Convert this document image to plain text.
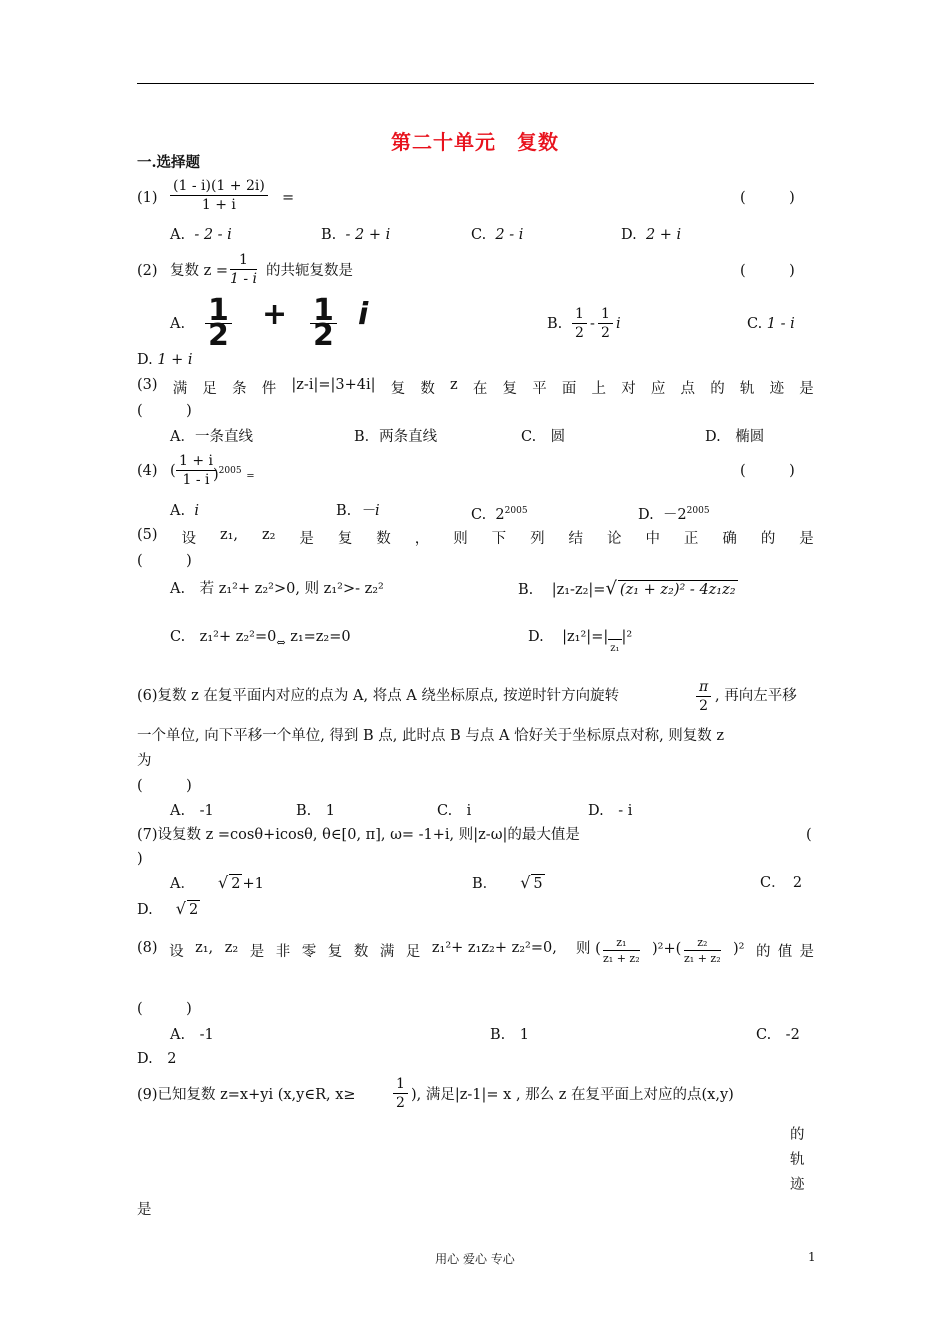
第二十单元　复数
一.选择题
$(1) \frac{(1 - i)(1 + 2i)}{1 + i}$ =	(　　　)
A. - 2 - i	B. - 2 + i	C. 2 - i	D. 2 + i
(2) 复数 $z = \frac{1}{1 - i}$ 的共轭复数是	(　　　)
A. $\frac{1}{2} + \frac{1}{2}$ i	B. $\frac{1}{2} - \frac{1}{2}$ i	C. 1 - i
D. 1 + i
(3) 满 足 条 件 |z-i|=|3+4i| 复 数 z 在 复 平 面 上 对 应 点 的 轨 迹 是
(　　　)
A．一条直线	B．两条直线	C.　圆	D.　椭圆
(4) ( $\frac{1 + i}{1 - i}$
)$^{2005}$ =	(　　　)
A. i	B. －i	C. $2^{2005}$	D. $-2^{2005}$
(5) 设 z₁, z₂ 是 复 数 ， 则 下 列 结 论 中 正 确 的 是
(　　　)
A.　若 z₁²+ z₂²>0, 则 z₁²>- z₂²	B. |z₁-z₂|=√ (z₁ + z₂)² - 4z₁z₂
C.　$z_1^2+ z_2^2=0_\Leftrightarrow$ z₁=z₂=0	D. |z₁²|=|z₁|²
(6)复数 z 在复平面内对应的点为 A, 将点 A 绕坐标原点, 按逆时针方向旋转	$\frac{\pi}{2}$ , 再向左平移
一个单位, 向下平移一个单位, 得到 B 点, 此时点 B 与点 A 恰好关于坐标原点对称, 则复数 z
为
(　　　)
A.　-1	B.　1	C.　i	D.　- i
(7)设复数 z =cosθ+icosθ, θ∈[0, π], ω= -1+i, 则|z-ω|的最大值是	(
)
A． √ 2 +1	B． √ 5	C．　2
D. √ 2
(8) 设 z₁, z₂ 是 非 零 复 数 满 足 z₁²+ z₁z₂+ z₂²=0, 则 ( $\frac{\text{z₁}}{\text{z₁ + z₂}} )^2+( \frac{\text{z₂}}{\text{z₁ + z₂}} )^2$ 的 值 是
(　　　)
A.　-1	B.　1	C.　-2
D.　2
(9)已知复数 z=x+yi (x,y∈R, x≥	$\frac{1}{2}$ ), 满足|z-1|= x , 那么 z 在复平面上对应的点(x,y)
的
轨
迹
是
用心 爱心 专心	1
